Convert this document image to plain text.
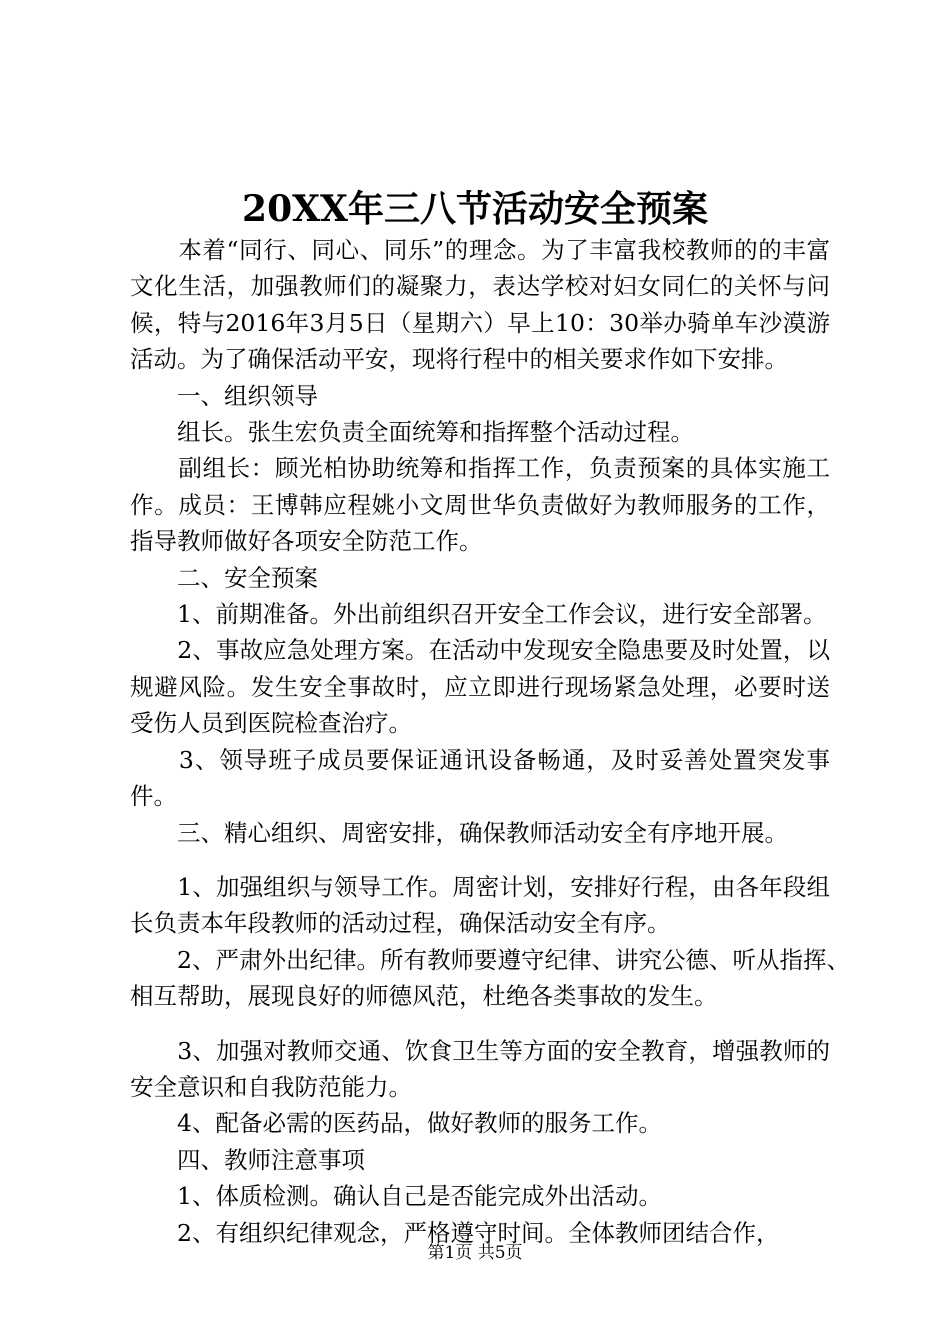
20XX年三八节活动安全预案

　　本着“同行、同心、同乐”的理念。为了丰富我校教师的的丰富文化生活，加强教师们的凝聚力，表达学校对妇女同仁的关怀与问候，特与2016年3月5日（星期六）早上10：30举办骑单车沙漠游活动。为了确保活动平安，现将行程中的相关要求作如下安排。

　　一、组织领导

　　组长。张生宏负责全面统筹和指挥整个活动过程。

　　副组长：顾光柏协助统筹和指挥工作，负责预案的具体实施工作。成员：王博韩应程姚小文周世华负责做好为教师服务的工作，指导教师做好各项安全防范工作。

　　二、安全预案

　　1、前期准备。外出前组织召开安全工作会议，进行安全部署。

　　2、事故应急处理方案。在活动中发现安全隐患要及时处置，以规避风险。发生安全事故时，应立即进行现场紧急处理，必要时送受伤人员到医院检查治疗。

　　3、领导班子成员要保证通讯设备畅通，及时妥善处置突发事件。

　　三、精心组织、周密安排，确保教师活动安全有序地开展。

　　1、加强组织与领导工作。周密计划，安排好行程，由各年段组长负责本年段教师的活动过程，确保活动安全有序。

　　2、严肃外出纪律。所有教师要遵守纪律、讲究公德、听从指挥、相互帮助，展现良好的师德风范，杜绝各类事故的发生。

　　3、加强对教师交通、饮食卫生等方面的安全教育，增强教师的安全意识和自我防范能力。

　　4、配备必需的医药品，做好教师的服务工作。

　　四、教师注意事项

　　1、体质检测。确认自己是否能完成外出活动。

　　2、有组织纪律观念，严格遵守时间。全体教师团结合作，

第1页 共5页
